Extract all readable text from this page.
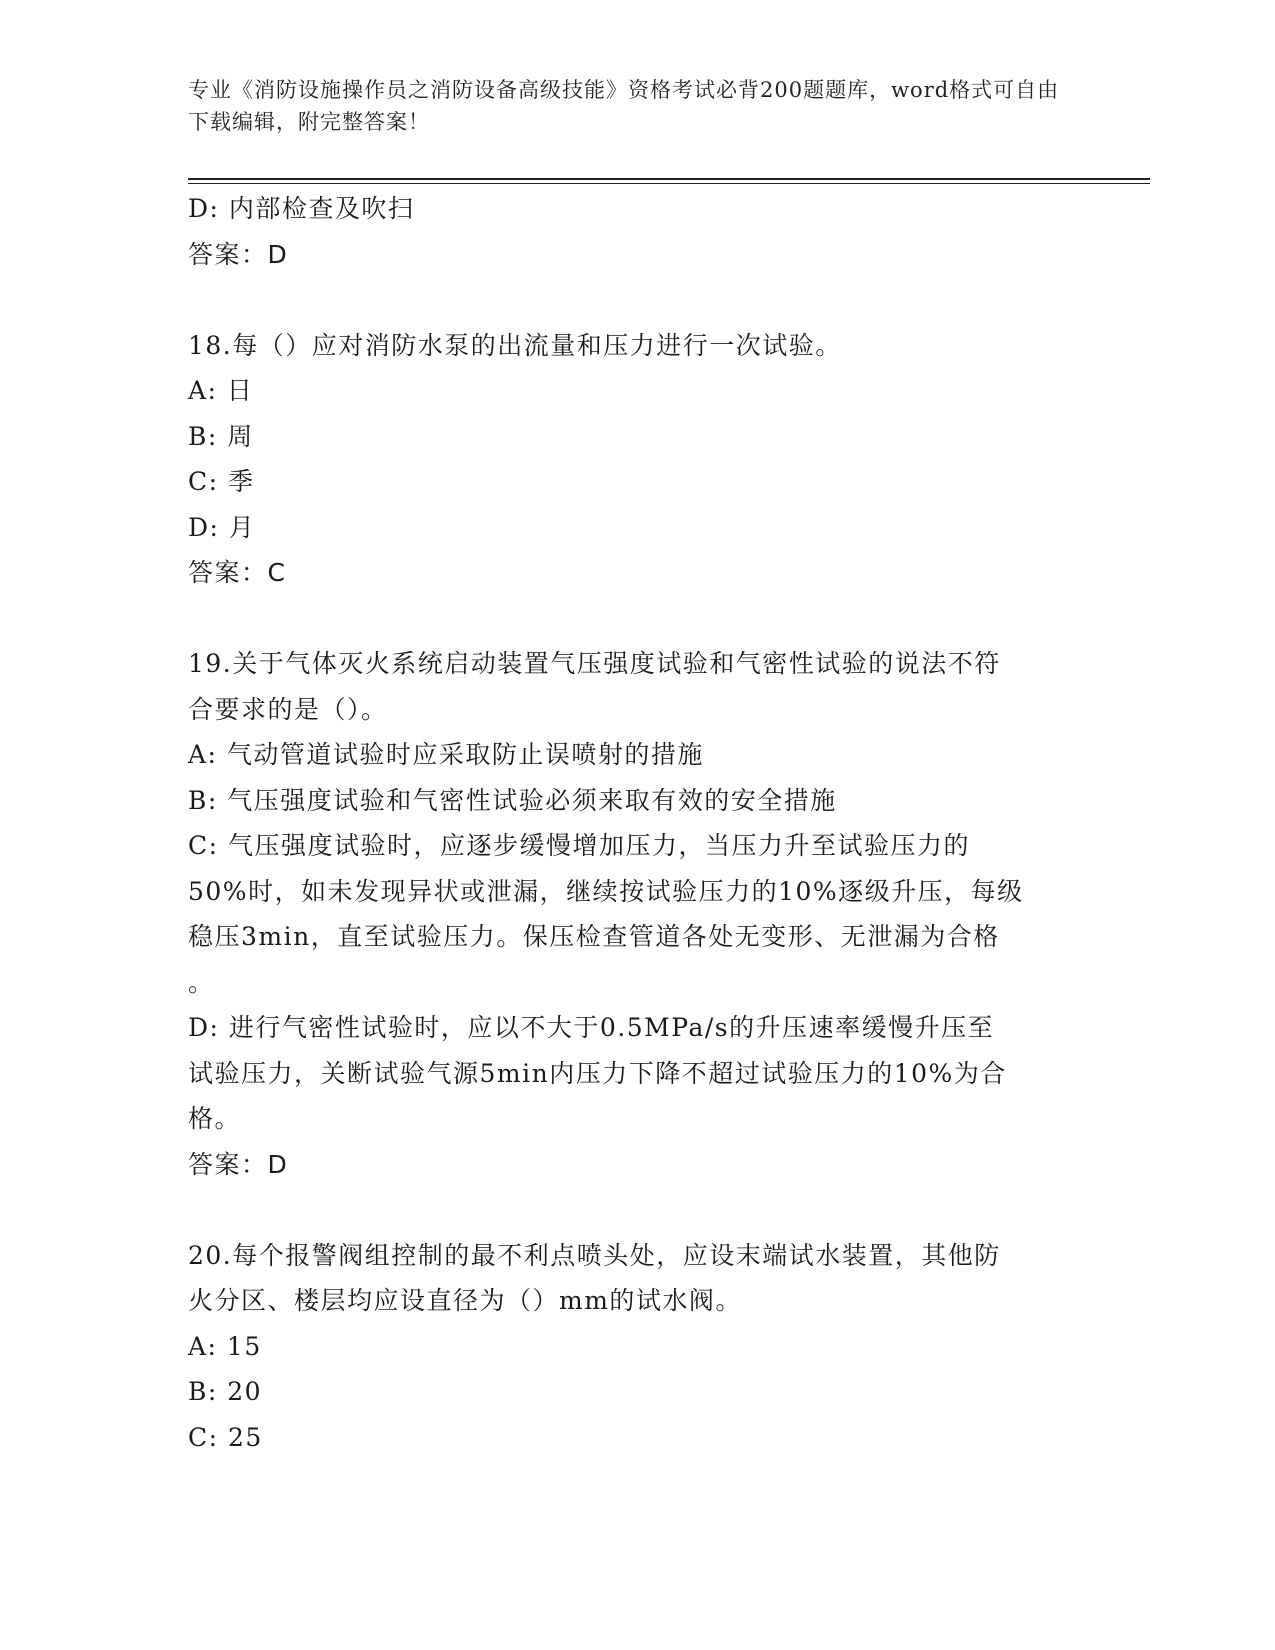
专业《消防设施操作员之消防设备高级技能》资格考试必背200题题库，word格式可自由下载编辑，附完整答案！
D: 内部检查及吹扫
答案：D
18.每（）应对消防水泵的出流量和压力进行一次试验。
A: 日
B: 周
C: 季
D: 月
答案：C
19.关于气体灭火系统启动装置气压强度试验和气密性试验的说法不符
合要求的是（）。
A: 气动管道试验时应采取防止误喷射的措施
B: 气压强度试验和气密性试验必须来取有效的安全措施
C: 气压强度试验时，应逐步缓慢增加压力，当压力升至试验压力的
50%时，如未发现异状或泄漏，继续按试验压力的10%逐级升压，每级
稳压3min，直至试验压力。保压检查管道各处无变形、无泄漏为合格
。
D: 进行气密性试验时，应以不大于0.5MPa/s的升压速率缓慢升压至
试验压力，关断试验气源5min内压力下降不超过试验压力的10%为合
格。
答案：D
20.每个报警阀组控制的最不利点喷头处，应设末端试水装置，其他防
火分区、楼层均应设直径为（）mm的试水阀。
A: 15
B: 20
C: 25
